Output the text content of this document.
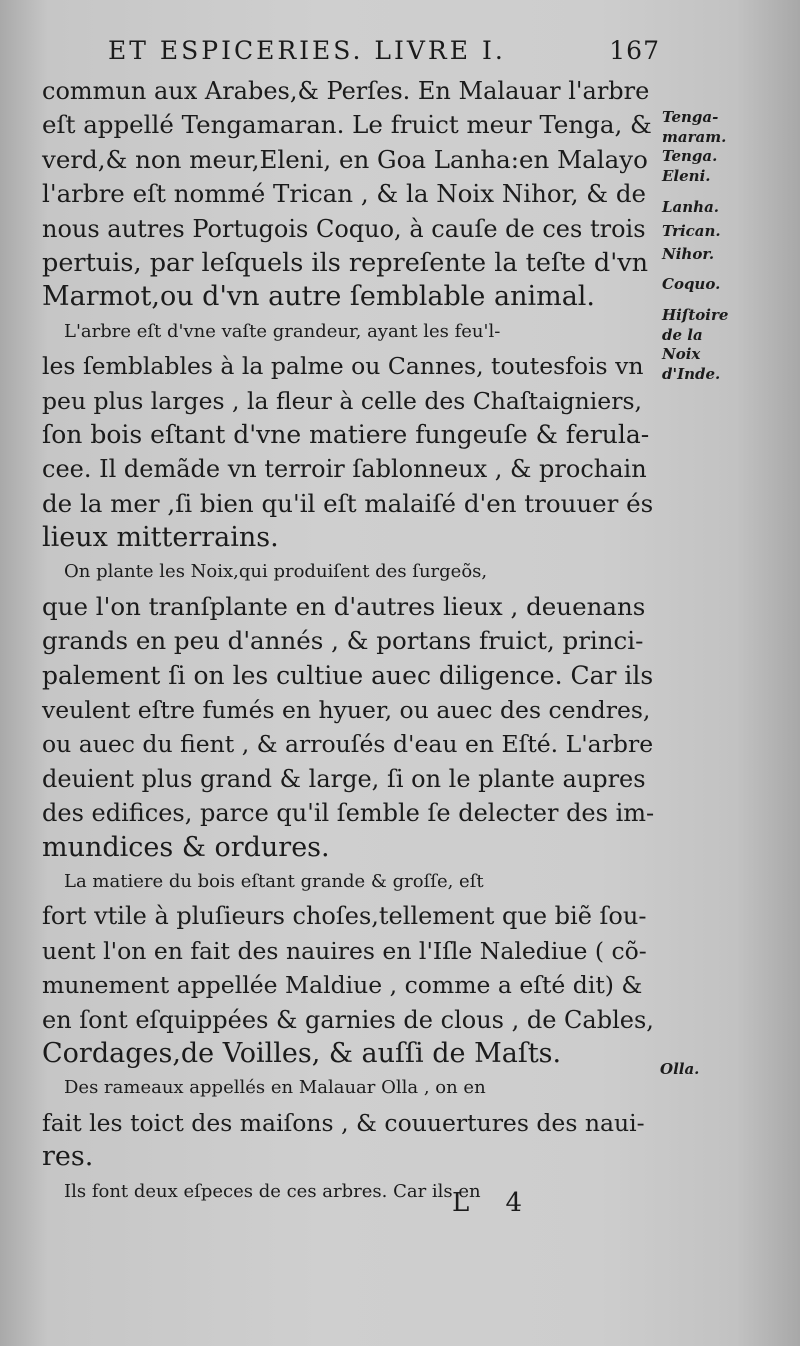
ET ESPICERIES. LIVRE I.	167
commun aux Arabes,& Perſes. En Malauar l'arbre
eſt appellé Tengamaran. Le fruict meur Tenga, &
verd,& non meur,Eleni, en Goa Lanha:en Malayo
l'arbre eſt nommé Trican , & la Noix Nihor, & de
nous autres Portugois Coquo, à cauſe de ces trois
pertuis, par leſquels ils repreſente la teſte d'vn
Marmot,ou d'vn autre ſemblable animal.
L'arbre eſt d'vne vaſte grandeur, ayant les feu'l-
les ſemblables à la palme ou Cannes, toutesfois vn
peu plus larges , la fleur à celle des Chaſtaigniers,
ſon bois eſtant d'vne matiere fungeuſe & ferula-
cee. Il demãde vn terroir ſablonneux , & prochain
de la mer ,ſi bien qu'il eſt malaiſé d'en trouuer és
lieux mitterrains.
On plante les Noix,qui produiſent des ſurgeõs,
que l'on tranſplante en d'autres lieux , deuenans
grands en peu d'annés , & portans fruict, princi-
palement ſi on les cultiue auec diligence. Car ils
veulent eſtre fumés en hyuer, ou auec des cendres,
ou auec du fient , & arrouſés d'eau en Eſté. L'arbre
deuient plus grand & large, ſi on le plante aupres
des edifices, parce qu'il ſemble ſe delecter des im-
mundices & ordures.
La matiere du bois eſtant grande & groſſe, eſt
fort vtile à pluſieurs choſes,tellement que biẽ ſou-
uent l'on en fait des nauires en l'Iſle Nalediue ( cõ-
munement appellée Maldiue , comme a eſté dit) &
en ſont eſquippées & garnies de clous , de Cables,
Cordages,de Voilles, & auſſi de Maſts.
Des rameaux appellés en Malauar Olla , on en
fait les toict des maiſons , & couuertures des naui-
res.
Ils font deux eſpeces de ces arbres. Car ils en
Tenga-
maram.
Tenga.
Eleni.
Lanha.
Trican.
Nihor.
Coquo.
Hiſtoire
de la
Noix
d'Inde.
Olla.
L 4
